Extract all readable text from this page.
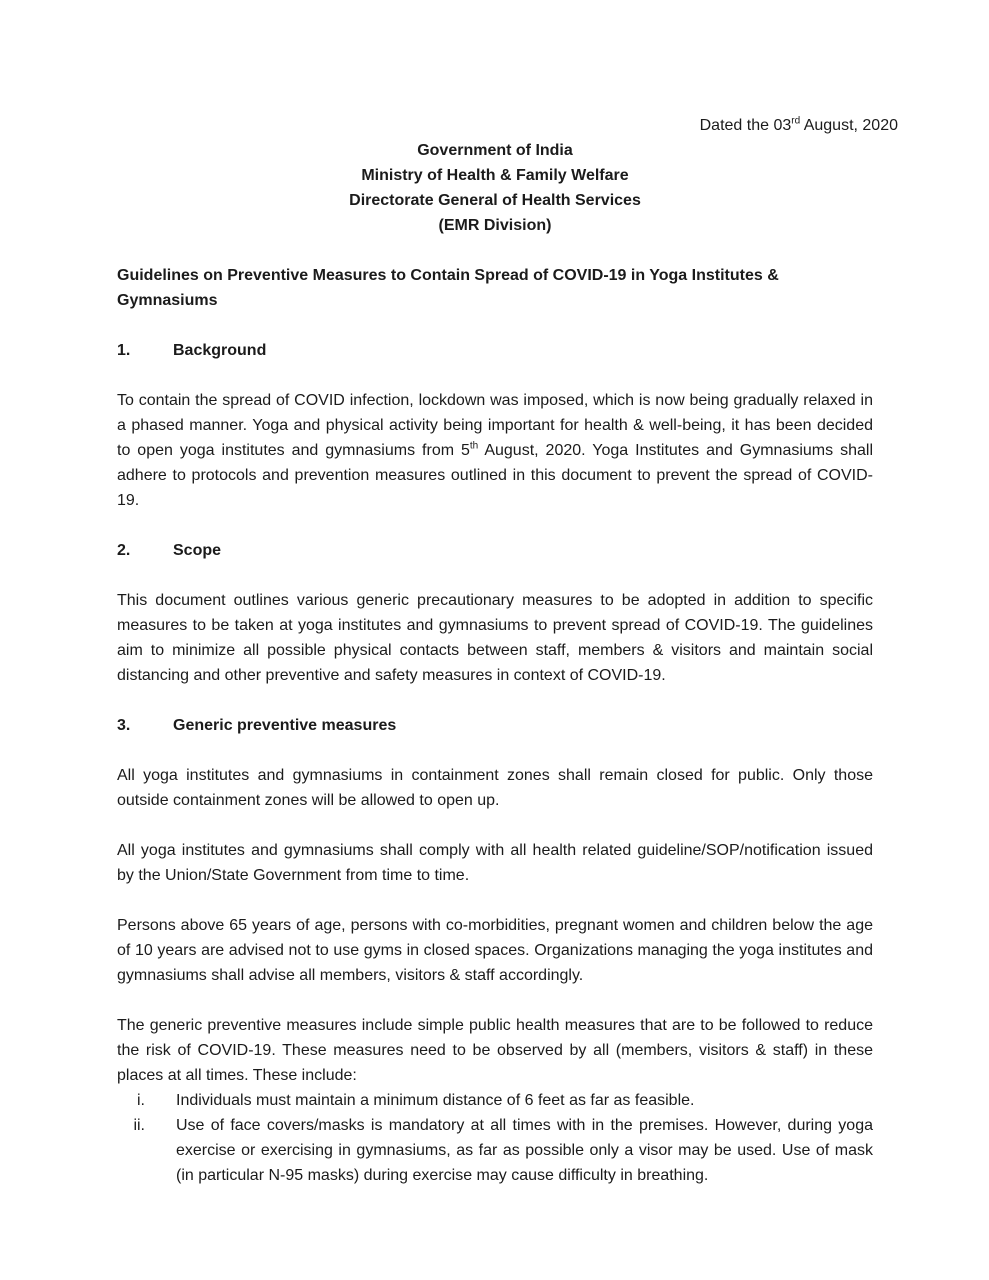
Dated the 03rd August, 2020

Government of India
Ministry of Health & Family Welfare
Directorate General of Health Services
(EMR Division)

Guidelines on Preventive Measures to Contain Spread of COVID-19 in Yoga Institutes & Gymnasiums

1.	Background

To contain the spread of COVID infection, lockdown was imposed, which is now being gradually relaxed in a phased manner. Yoga and physical activity being important for health & well-being, it has been decided to open yoga institutes and gymnasiums from 5th August, 2020. Yoga Institutes and Gymnasiums shall adhere to protocols and prevention measures outlined in this document to prevent the spread of COVID-19.

2.	Scope

This document outlines various generic precautionary measures to be adopted in addition to specific measures to be taken at yoga institutes and gymnasiums to prevent spread of COVID-19. The guidelines aim to minimize all possible physical contacts between staff, members & visitors and maintain social distancing and other preventive and safety measures in context of COVID-19.

3.	Generic preventive measures

All yoga institutes and gymnasiums in containment zones shall remain closed for public. Only those outside containment zones will be allowed to open up.

All yoga institutes and gymnasiums shall comply with all health related guideline/SOP/notification issued by the Union/State Government from time to time.

Persons above 65 years of age, persons with co-morbidities, pregnant women and children below the age of 10 years are advised not to use gyms in closed spaces. Organizations managing the yoga institutes and gymnasiums shall advise all members, visitors & staff accordingly.

The generic preventive measures include simple public health measures that are to be followed to reduce the risk of COVID-19. These measures need to be observed by all (members, visitors & staff) in these places at all times. These include:

i. Individuals must maintain a minimum distance of 6 feet as far as feasible.
ii. Use of face covers/masks is mandatory at all times with in the premises. However, during yoga exercise or exercising in gymnasiums, as far as possible only a visor may be used. Use of mask (in particular N-95 masks) during exercise may cause difficulty in breathing.
